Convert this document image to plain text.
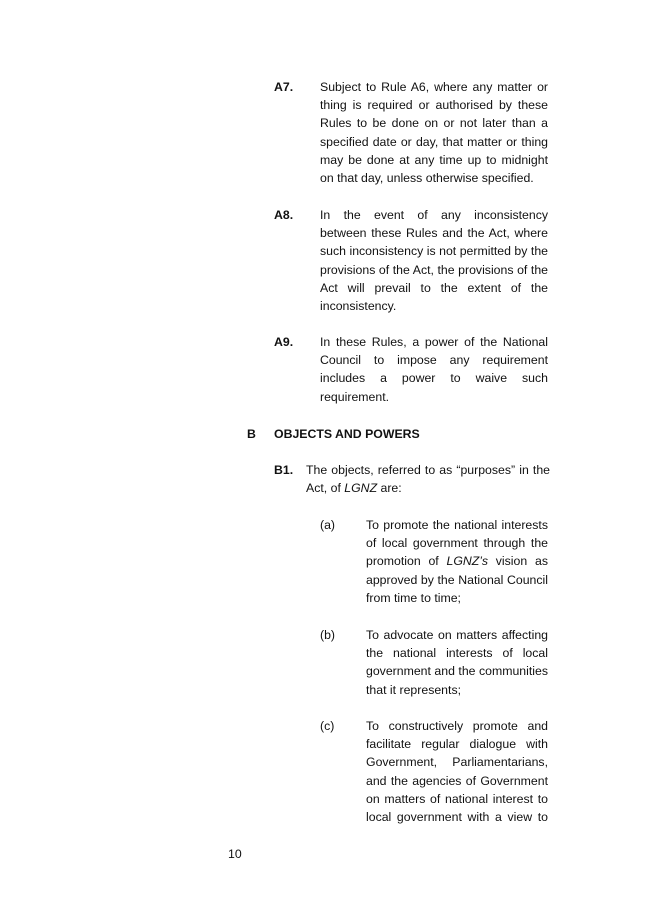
A7. Subject to Rule A6, where any matter or thing is required or authorised by these Rules to be done on or not later than a specified date or day, that matter or thing may be done at any time up to midnight on that day, unless otherwise specified.
A8. In the event of any inconsistency between these Rules and the Act, where such inconsistency is not permitted by the provisions of the Act, the provisions of the Act will prevail to the extent of the inconsistency.
A9. In these Rules, a power of the National Council to impose any requirement includes a power to waive such requirement.
B OBJECTS AND POWERS
B1. The objects, referred to as “purposes” in the Act, of LGNZ are:
(a)	To promote the national interests of local government through the promotion of LGNZ’s vision as approved by the National Council from time to time;
(b)	To advocate on matters affecting the national interests of local government and the communities that it represents;
(c)	To constructively promote and facilitate regular dialogue with Government, Parliamentarians, and the agencies of Government on matters of national interest to local government with a view to
10
